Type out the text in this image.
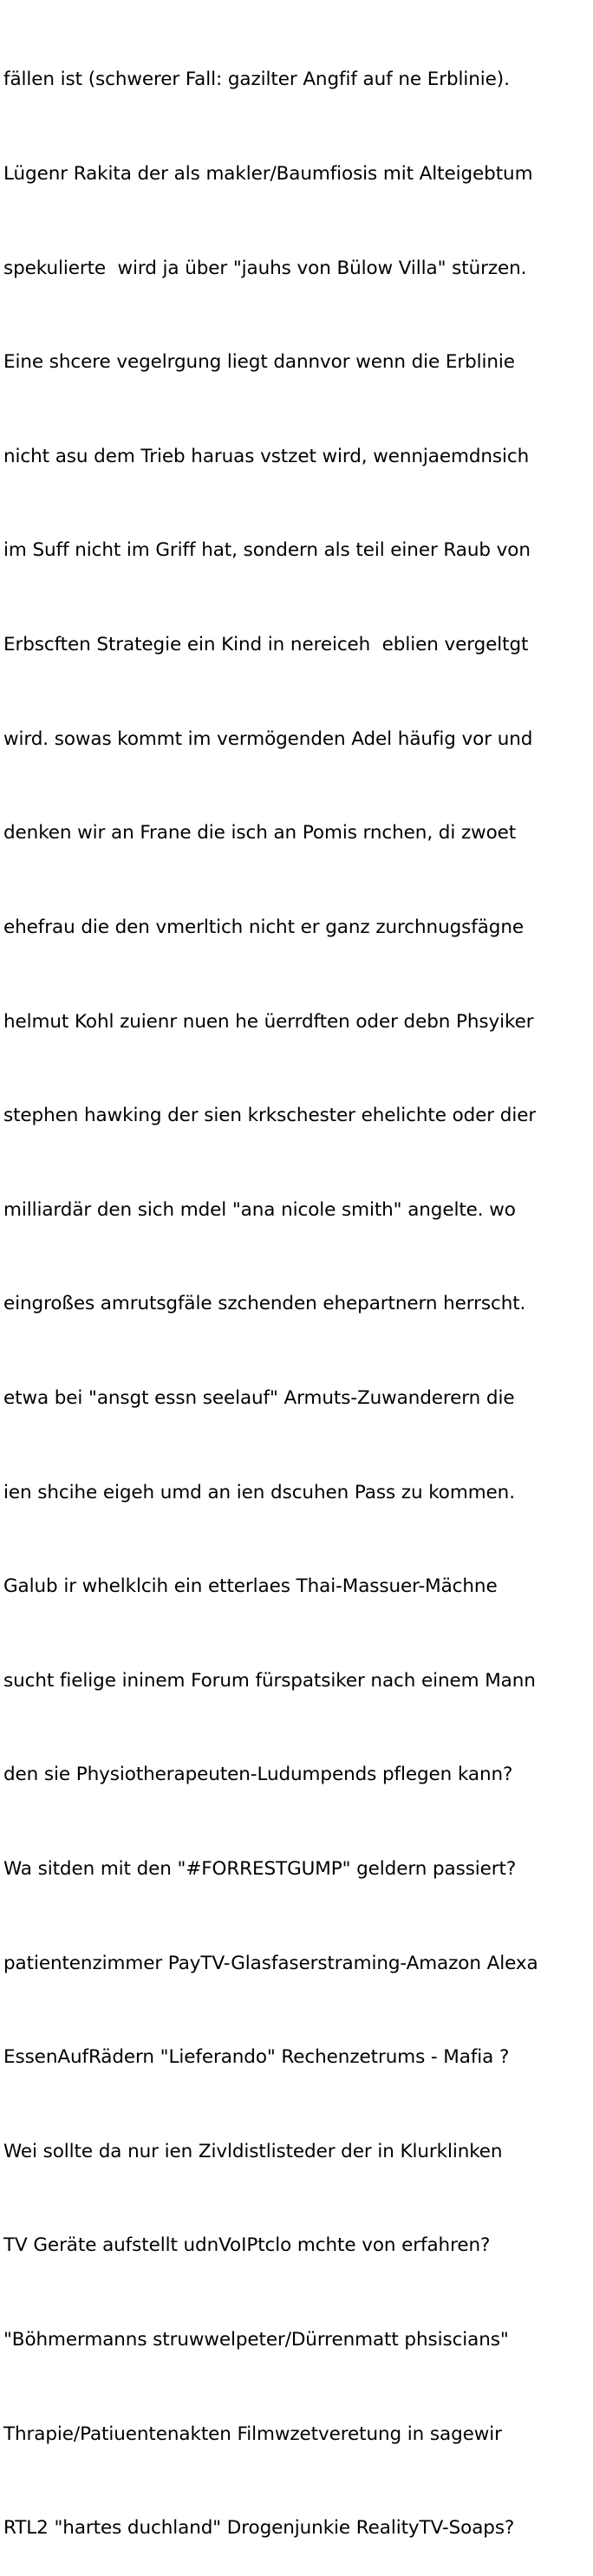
fällen ist (schwerer Fall: gazilter Angfif auf ne Erblinie).

Lügenr Rakita der als makler/Baumfiosis mit Alteigebtum

spekulierte  wird ja über "jauhs von Bülow Villa" stürzen.

Eine shcere vegelrgung liegt dannvor wenn die Erblinie

nicht asu dem Trieb haruas vstzet wird, wennjaemdnsich

im Suff nicht im Griff hat, sondern als teil einer Raub von

Erbscften Strategie ein Kind in nereiceh  eblien vergeltgt

wird. sowas kommt im vermögenden Adel häufig vor und

denken wir an Frane die isch an Pomis rnchen, di zwoet

ehefrau die den vmerltich nicht er ganz zurchnugsfägne

helmut Kohl zuienr nuen he üerrdften oder debn Phsyiker

stephen hawking der sien krkschester ehelichte oder dier

milliardär den sich mdel "ana nicole smith" angelte. wo

eingroßes amrutsgfäle szchenden ehepartnern herrscht.

etwa bei "ansgt essn seelauf" Armuts-Zuwanderern die

ien shcihe eigeh umd an ien dscuhen Pass zu kommen.

Galub ir whelklcih ein etterlaes Thai-Massuer-Mächne

sucht fielige ininem Forum fürspatsiker nach einem Mann

den sie Physiotherapeuten-Ludumpends pflegen kann?

Wa sitden mit den "#FORRESTGUMP" geldern passiert?

patientenzimmer PayTV-Glasfaserstraming-Amazon Alexa

EssenAufRädern "Lieferando" Rechenzetrums - Mafia ?

Wei sollte da nur ien Zivldistlisteder der in Klurklinken

TV Geräte aufstellt udnVoIPtclo mchte von erfahren?

"Böhmermanns struwwelpeter/Dürrenmatt phsiscians"

Thrapie/Patiuentenakten Filmwzetveretung in sagewir

RTL2 "hartes duchland" Drogenjunkie RealityTV-Soaps?
